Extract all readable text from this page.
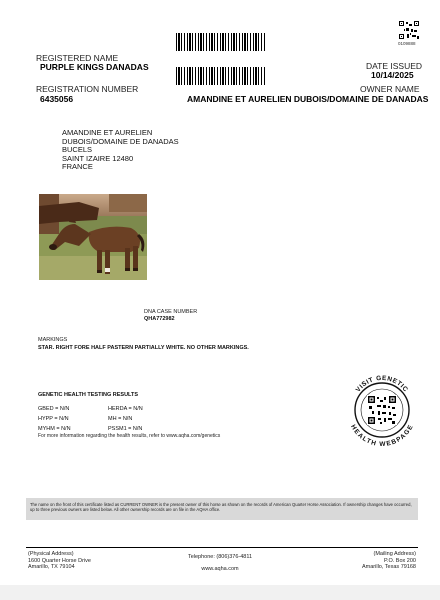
0109888
REGISTERED NAME
PURPLE KINGS DANADAS
REGISTRATION NUMBER
6435056
DATE ISSUED
10/14/2025
OWNER NAME
AMANDINE ET AURELIEN DUBOIS/DOMAINE DE DANADAS
AMANDINE ET AURELIEN
DUBOIS/DOMAINE DE DANADAS
BUCELS
SAINT IZAIRE 12480
FRANCE
DNA CASE NUMBER
QHA772982
MARKINGS
STAR. RIGHT FORE HALF PASTERN PARTIALLY WHITE. NO OTHER MARKINGS.
GENETIC HEALTH TESTING RESULTS
GBED = N/N	HERDA = N/N
HYPP = N/N	MH = N/N
MYHM = N/N	PSSM1 = N/N
For more information regarding the health results, refer to www.aqha.com/genetics
VISIT GENETIC
HEALTH WEBPAGE
The name on the front of this certificate listed as CURRENT OWNER is the present owner of this horse as shown on the records of American Quarter Horse Association. If ownership changes have occurred, up to three previous owners are listed below. All other ownership records are on file in the AQHA office.
(Physical Address)
1600 Quarter Horse Drive
Amarillo, TX 79104
Telephone: (806)376-4811
www.aqha.com
(Mailing Address)
P.O. Box 200
Amarillo, Texas 79168
